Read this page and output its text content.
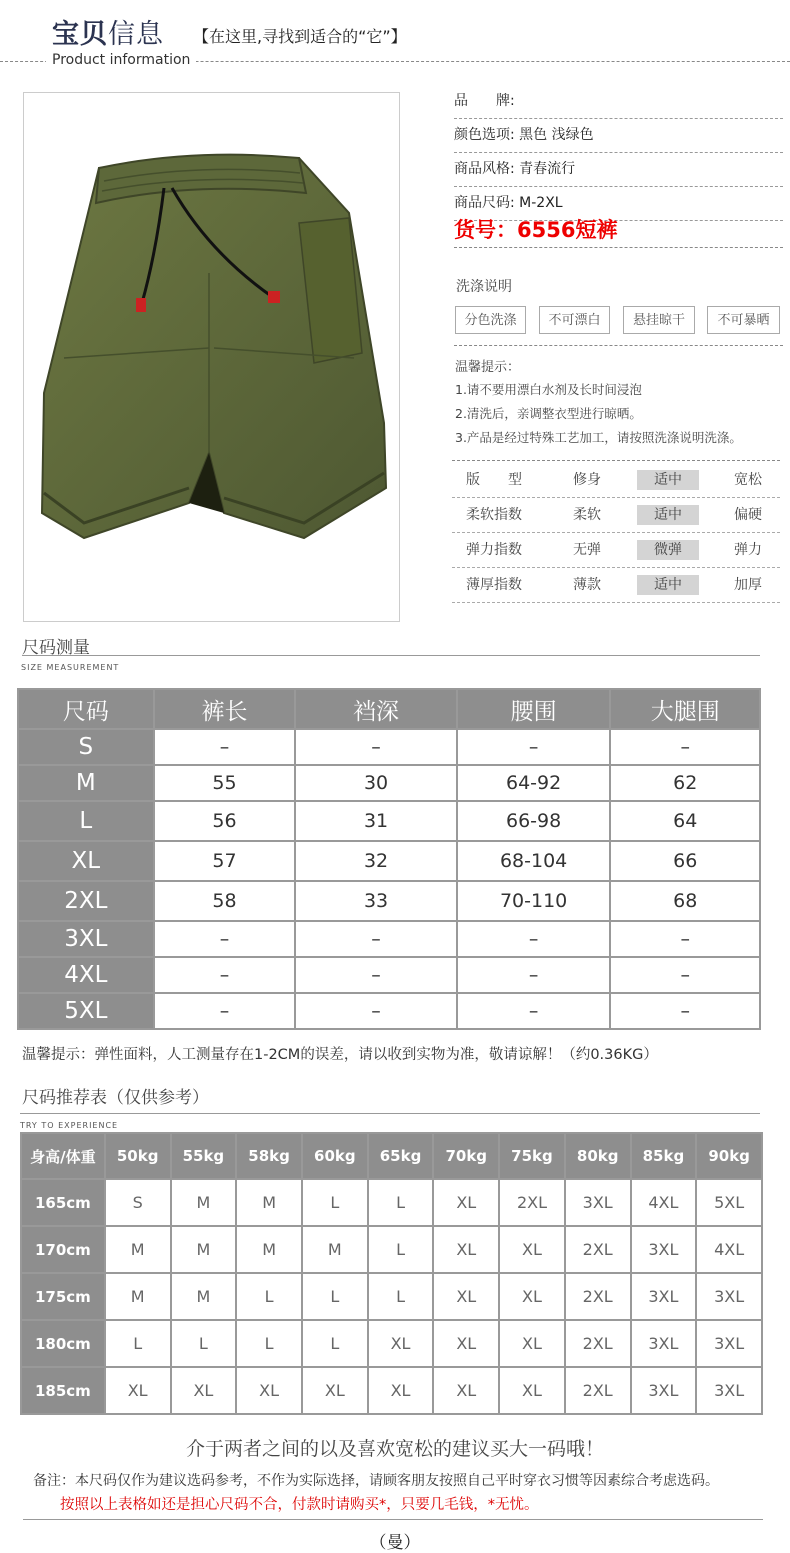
宝贝信息 【在这里,寻找到适合的“它”】
Product information
品　　牌:
颜色选项: 黑色 浅绿色
商品风格: 青春流行
商品尺码: M-2XL
货号：6556短裤
洗涤说明
分色洗涤	不可漂白	悬挂晾干	不可暴晒
温馨提示：
1.请不要用漂白水剂及长时间浸泡
2.清洗后，亲调整衣型进行晾晒。
3.产品是经过特殊工艺加工，请按照洗涤说明洗涤。
版　　型	修身	适中	宽松
柔软指数	柔软	适中	偏硬
弹力指数	无弹	微弹	弹力
薄厚指数	薄款	适中	加厚
尺码测量
SIZE MEASUREMENT
尺码	裤长	裆深	腰围	大腿围
S	–	–	–	–
M	55	30	64-92	62
L	56	31	66-98	64
XL	57	32	68-104	66
2XL	58	33	70-110	68
3XL	–	–	–	–
4XL	–	–	–	–
5XL	–	–	–	–
温馨提示：弹性面料，人工测量存在1-2CM的误差，请以收到实物为准，敬请谅解！（约0.36KG）
尺码推荐表（仅供参考）
TRY TO EXPERIENCE
身高/体重	50kg	55kg	58kg	60kg	65kg	70kg	75kg	80kg	85kg	90kg
165cm	S	M	M	L	L	XL	2XL	3XL	4XL	5XL
170cm	M	M	M	M	L	XL	XL	2XL	3XL	4XL
175cm	M	M	L	L	L	XL	XL	2XL	3XL	3XL
180cm	L	L	L	L	XL	XL	XL	2XL	3XL	3XL
185cm	XL	XL	XL	XL	XL	XL	XL	2XL	3XL	3XL
介于两者之间的以及喜欢宽松的建议买大一码哦！
备注：本尺码仅作为建议选码参考，不作为实际选择，请顾客朋友按照自己平时穿衣习惯等因素综合考虑选码。
按照以上表格如还是担心尺码不合，付款时请购买*，只要几毛钱，*无忧。
（曼）
